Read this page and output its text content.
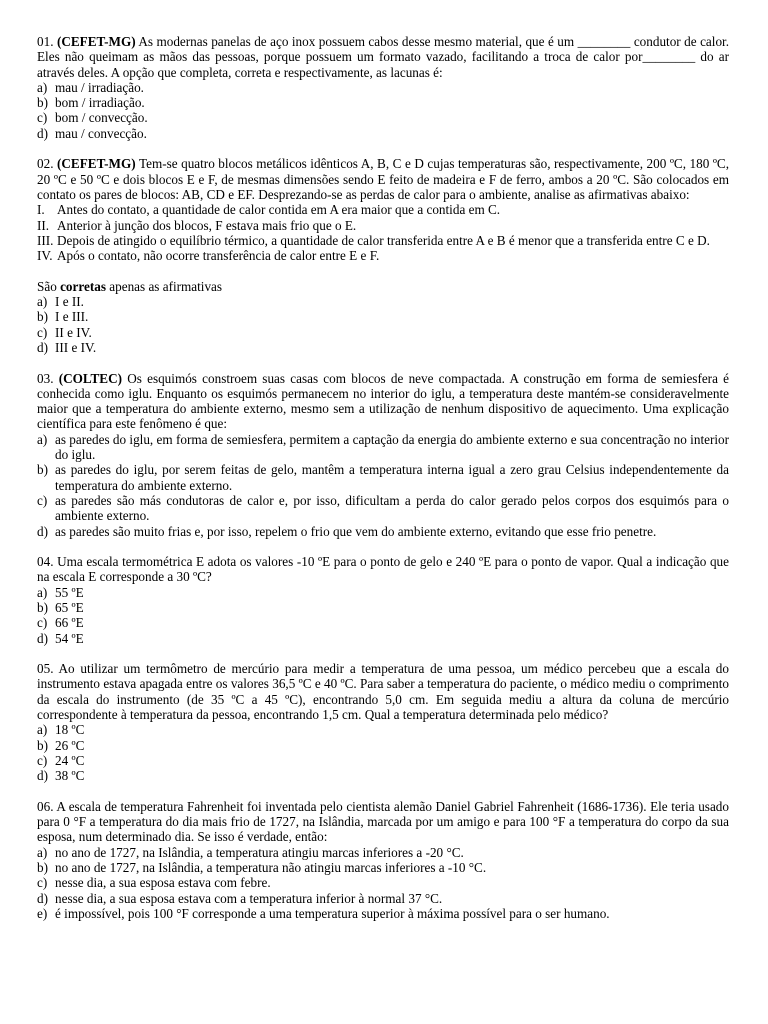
01. (CEFET-MG) As modernas panelas de aço inox possuem cabos desse mesmo material, que é um ________ condutor de calor. Eles não queimam as mãos das pessoas, porque possuem um formato vazado, facilitando a troca de calor por________ do ar através deles. A opção que completa, correta e respectivamente, as lacunas é:

a) mau / irradiação.
b) bom / irradiação.
c) bom / convecção.
d) mau / convecção.

02. (CEFET-MG) Tem-se quatro blocos metálicos idênticos A, B, C e D cujas temperaturas são, respectivamente, 200 ºC, 180 ºC, 20 ºC e 50 ºC e dois blocos E e F, de mesmas dimensões sendo E feito de madeira e F de ferro, ambos a 20 ºC. São colocados em contato os pares de blocos: AB, CD e EF. Desprezando-se as perdas de calor para o ambiente, analise as afirmativas abaixo:

I. Antes do contato, a quantidade de calor contida em A era maior que a contida em C.
II. Anterior à junção dos blocos, F estava mais frio que o E.
III. Depois de atingido o equilíbrio térmico, a quantidade de calor transferida entre A e B é menor que a transferida entre C e D.
IV. Após o contato, não ocorre transferência de calor entre E e F.

São corretas apenas as afirmativas

a) I e II.
b) I e III.
c) II e IV.
d) III e IV.

03. (COLTEC) Os esquimós constroem suas casas com blocos de neve compactada. A construção em forma de semiesfera é conhecida como iglu. Enquanto os esquimós permanecem no interior do iglu, a temperatura deste mantém-se consideravelmente maior que a temperatura do ambiente externo, mesmo sem a utilização de nenhum dispositivo de aquecimento. Uma explicação científica para este fenômeno é que:

a) as paredes do iglu, em forma de semiesfera, permitem a captação da energia do ambiente externo e sua concentração no interior do iglu.
b) as paredes do iglu, por serem feitas de gelo, mantêm a temperatura interna igual a zero grau Celsius independentemente da temperatura do ambiente externo.
c) as paredes são más condutoras de calor e, por isso, dificultam a perda do calor gerado pelos corpos dos esquimós para o ambiente externo.
d) as paredes são muito frias e, por isso, repelem o frio que vem do ambiente externo, evitando que esse frio penetre.

04. Uma escala termométrica E adota os valores -10 ºE para o ponto de gelo e 240 ºE para o ponto de vapor. Qual a indicação que na escala E corresponde a 30 ºC?

a) 55 ºE
b) 65 ºE
c) 66 ºE
d) 54 ºE

05. Ao utilizar um termômetro de mercúrio para medir a temperatura de uma pessoa, um médico percebeu que a escala do instrumento estava apagada entre os valores 36,5 ºC e 40 ºC. Para saber a temperatura do paciente, o médico mediu o comprimento da escala do instrumento (de 35 ºC a 45 ºC), encontrando 5,0 cm. Em seguida mediu a altura da coluna de mercúrio correspondente à temperatura da pessoa, encontrando 1,5 cm. Qual a temperatura determinada pelo médico?

a) 18 ºC
b) 26 ºC
c) 24 ºC
d) 38 ºC

06. A escala de temperatura Fahrenheit foi inventada pelo cientista alemão Daniel Gabriel Fahrenheit (1686-1736). Ele teria usado para 0 °F a temperatura do dia mais frio de 1727, na Islândia, marcada por um amigo e para 100 °F a temperatura do corpo da sua esposa, num determinado dia. Se isso é verdade, então:

a) no ano de 1727, na Islândia, a temperatura atingiu marcas inferiores a -20 °C.
b) no ano de 1727, na Islândia, a temperatura não atingiu marcas inferiores a -10 °C.
c) nesse dia, a sua esposa estava com febre.
d) nesse dia, a sua esposa estava com a temperatura inferior à normal 37 °C.
e) é impossível, pois 100 °F corresponde a uma temperatura superior à máxima possível para o ser humano.
